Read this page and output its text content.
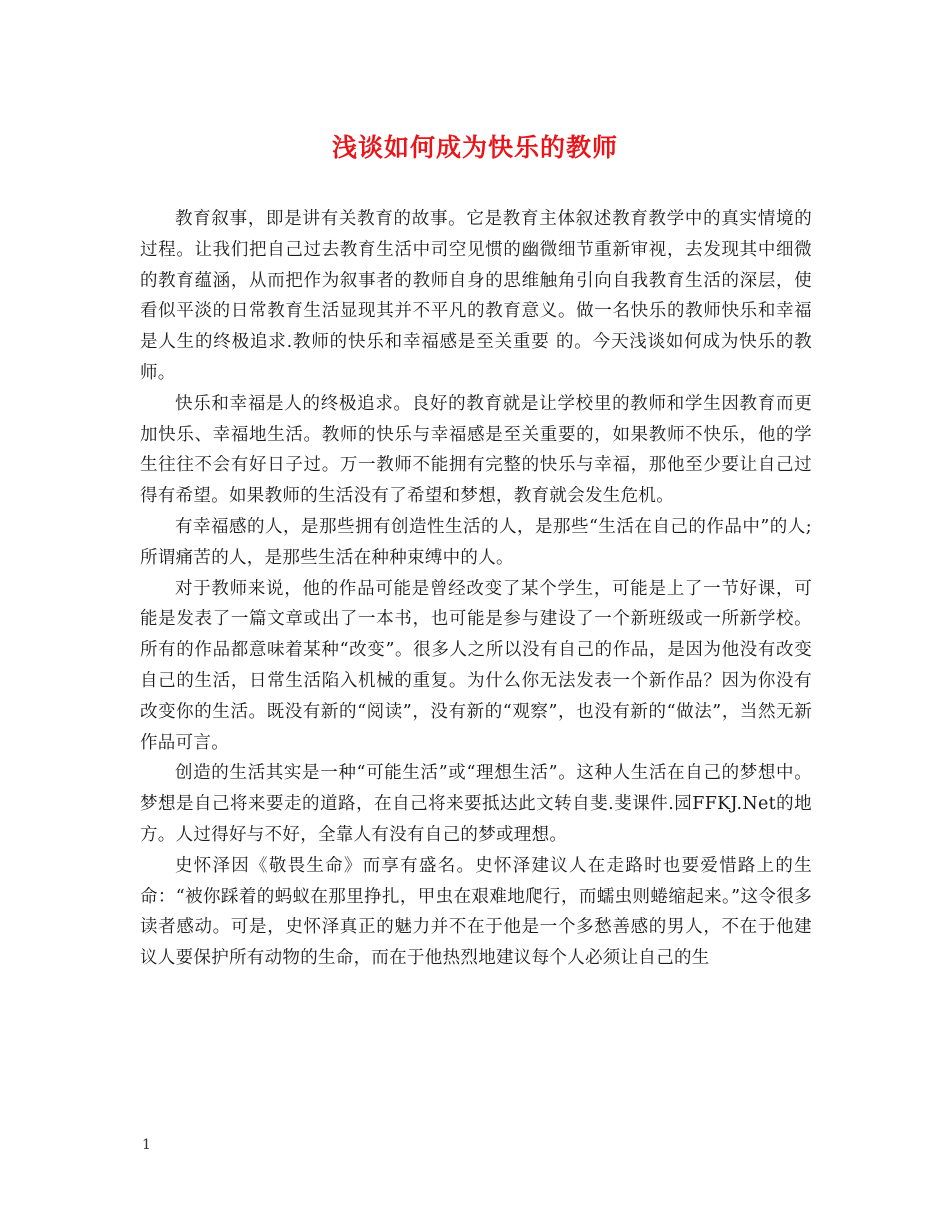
浅谈如何成为快乐的教师

教育叙事，即是讲有关教育的故事。它是教育主体叙述教育教学中的真实情境的过程。让我们把自己过去教育生活中司空见惯的幽微细节重新审视，去发现其中细微的教育蕴涵，从而把作为叙事者的教师自身的思维触角引向自我教育生活的深层，使看似平淡的日常教育生活显现其并不平凡的教育意义。做一名快乐的教师快乐和幸福是人生的终极追求.教师的快乐和幸福感是至关重要 的。今天浅谈如何成为快乐的教师。

快乐和幸福是人的终极追求。良好的教育就是让学校里的教师和学生因教育而更加快乐、幸福地生活。教师的快乐与幸福感是至关重要的，如果教师不快乐，他的学生往往不会有好日子过。万一教师不能拥有完整的快乐与幸福，那他至少要让自己过得有希望。如果教师的生活没有了希望和梦想，教育就会发生危机。

有幸福感的人，是那些拥有创造性生活的人，是那些“生活在自己的作品中”的人;所谓痛苦的人，是那些生活在种种束缚中的人。

对于教师来说，他的作品可能是曾经改变了某个学生，可能是上了一节好课，可能是发表了一篇文章或出了一本书，也可能是参与建设了一个新班级或一所新学校。所有的作品都意味着某种“改变”。很多人之所以没有自己的作品，是因为他没有改变自己的生活，日常生活陷入机械的重复。为什么你无法发表一个新作品？因为你没有改变你的生活。既没有新的“阅读”，没有新的“观察”，也没有新的“做法”，当然无新作品可言。

创造的生活其实是一种“可能生活”或“理想生活”。这种人生活在自己的梦想中。梦想是自己将来要走的道路，在自己将来要抵达此文转自斐.斐课件.园FFKJ.Net的地方。人过得好与不好，全靠人有没有自己的梦或理想。

史怀泽因《敬畏生命》而享有盛名。史怀泽建议人在走路时也要爱惜路上的生命：“被你踩着的蚂蚁在那里挣扎，甲虫在艰难地爬行，而蠕虫则蜷缩起来。”这令很多读者感动。可是，史怀泽真正的魅力并不在于他是一个多愁善感的男人，不在于他建议人要保护所有动物的生命，而在于他热烈地建议每个人必须让自己的生

1
